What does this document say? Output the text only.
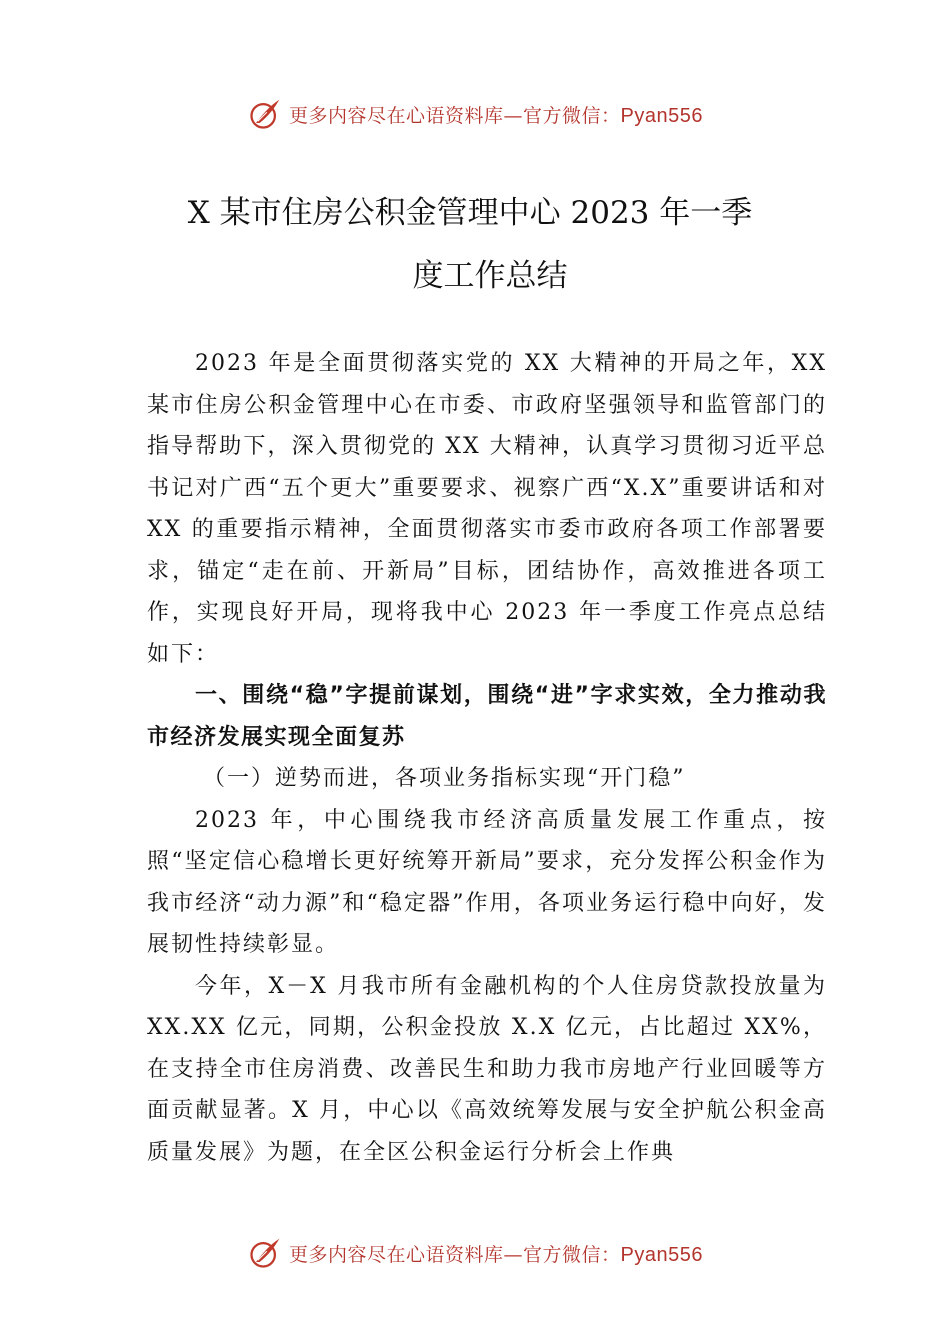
更多内容尽在心语资料库—官方微信：Pyan556
X 某市住房公积金管理中心 2023 年一季
度工作总结

2023 年是全面贯彻落实党的 XX 大精神的开局之年，XX 某市住房公积金管理中心在市委、市政府坚强领导和监管部门的指导帮助下，深入贯彻党的 XX 大精神，认真学习贯彻习近平总书记对广西“五个更大”重要要求、视察广西“X.X”重要讲话和对 XX 的重要指示精神，全面贯彻落实市委市政府各项工作部署要求，锚定“走在前、开新局”目标，团结协作，高效推进各项工作，实现良好开局，现将我中心 2023 年一季度工作亮点总结如下：

一、围绕“稳”字提前谋划，围绕“进”字求实效，全力推动我市经济发展实现全面复苏

（一）逆势而进，各项业务指标实现“开门稳”

2023 年，中心围绕我市经济高质量发展工作重点，按照“坚定信心稳增长更好统筹开新局”要求，充分发挥公积金作为我市经济“动力源”和“稳定器”作用，各项业务运行稳中向好，发展韧性持续彰显。

今年，X－X 月我市所有金融机构的个人住房贷款投放量为 XX.XX 亿元，同期，公积金投放 X.X 亿元，占比超过 XX%， 在支持全市住房消费、改善民生和助力我市房地产行业回暖等方面贡献显著。X 月，中心以《高效统筹发展与安全护航公积金高质量发展》为题，在全区公积金运行分析会上作典

更多内容尽在心语资料库—官方微信：Pyan556
